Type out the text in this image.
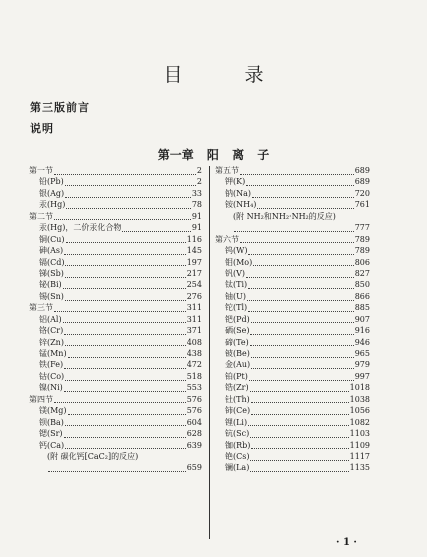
目 录
第三版前言
说明
第一章 阳 离 子
第一节	2
铅(Pb)	2
银(Ag)	33
汞(Hg)	78
第二节	91
汞(Hg)，二价汞化合物	91
铜(Cu)	116
砷(As)	145
镉(Cd)	197
锑(Sb)	217
铋(Bi)	254
锡(Sn)	276
第三节	311
铝(Al)	311
铬(Cr)	371
锌(Zn)	408
锰(Mn)	438
铁(Fe)	472
钴(Co)	518
镍(Ni)	553
第四节	576
镁(Mg)	576
钡(Ba)	604
锶(Sr)	628
钙(Ca)	639
(附 碳化钙[CaC₂]的反应)
659
第五节	689
钾(K)	689
钠(Na)	720
铵(NH₄)	761
(附 NH₂和NH₂·NH₂的反应)
777
第六节	789
钨(W)	789
钼(Mo)	806
钒(V)	827
钛(Ti)	850
铀(U)	866
铊(Tl)	885
钯(Pd)	907
硒(Se)	916
碲(Te)	946
铍(Be)	965
金(Au)	979
铂(Pt)	997
锆(Zr)	1018
钍(Th)	1038
铈(Ce)	1056
锂(Li)	1082
钪(Sc)	1103
铷(Rb)	1109
铯(Cs)	1117
镧(La)	1135
· 1 ·
